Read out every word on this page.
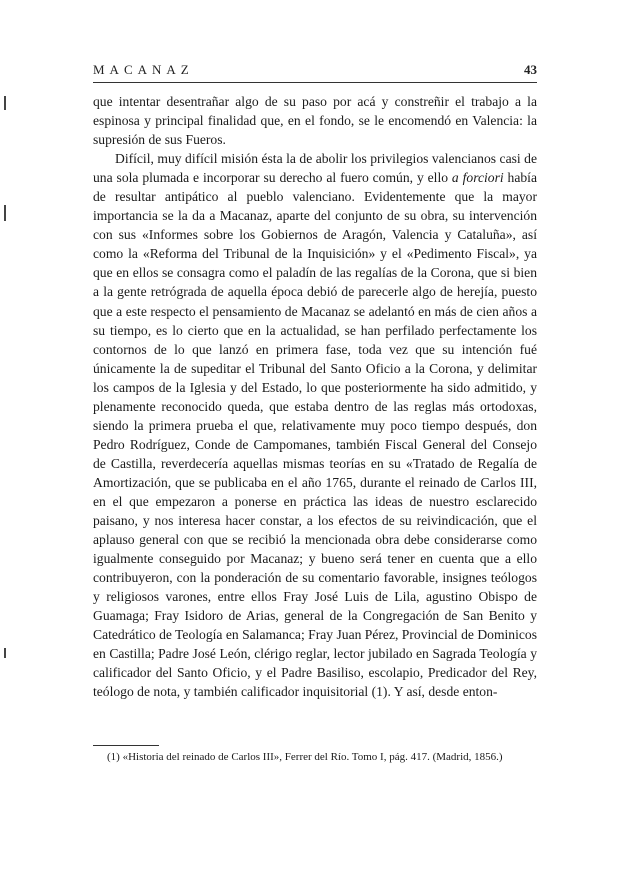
MACANAZ	43

que intentar desentrañar algo de su paso por acá y constreñir el trabajo a la espinosa y principal finalidad que, en el fondo, se le encomendó en Valencia: la supresión de sus Fueros.

Difícil, muy difícil misión ésta la de abolir los privilegios valencianos casi de una sola plumada e incorporar su derecho al fuero común, y ello a forciori había de resultar antipático al pueblo valenciano. Evidentemente que la mayor importancia se la da a Macanaz, aparte del conjunto de su obra, su intervención con sus «Informes sobre los Gobiernos de Aragón, Valencia y Cataluña», así como la «Reforma del Tribunal de la Inquisición» y el «Pedimento Fiscal», ya que en ellos se consagra como el paladín de las regalías de la Corona, que si bien a la gente retrógrada de aquella época debió de parecerle algo de herejía, puesto que a este respecto el pensamiento de Macanaz se adelantó en más de cien años a su tiempo, es lo cierto que en la actualidad, se han perfilado perfectamente los contornos de lo que lanzó en primera fase, toda vez que su intención fué únicamente la de supeditar el Tribunal del Santo Oficio a la Corona, y delimitar los campos de la Iglesia y del Estado, lo que posteriormente ha sido admitido, y plenamente reconocido queda, que estaba dentro de las reglas más ortodoxas, siendo la primera prueba el que, relativamente muy poco tiempo después, don Pedro Rodríguez, Conde de Campomanes, también Fiscal General del Consejo de Castilla, reverdecería aquellas mismas teorías en su «Tratado de Regalía de Amortización, que se publicaba en el año 1765, durante el reinado de Carlos III, en el que empezaron a ponerse en práctica las ideas de nuestro esclarecido paisano, y nos interesa hacer constar, a los efectos de su reivindicación, que el aplauso general con que se recibió la mencionada obra debe considerarse como igualmente conseguido por Macanaz; y bueno será tener en cuenta que a ello contribuyeron, con la ponderación de su comentario favorable, insignes teólogos y religiosos varones, entre ellos Fray José Luis de Lila, agustino Obispo de Guamaga; Fray Isidoro de Arias, general de la Congregación de San Benito y Catedrático de Teología en Salamanca; Fray Juan Pérez, Provincial de Dominicos en Castilla; Padre José León, clérigo reglar, lector jubilado en Sagrada Teología y calificador del Santo Oficio, y el Padre Basiliso, escolapio, Predicador del Rey, teólogo de nota, y también calificador inquisitorial (1). Y así, desde enton-

(1) «Historia del reinado de Carlos III», Ferrer del Río. Tomo I, pág. 417. (Madrid, 1856.)
